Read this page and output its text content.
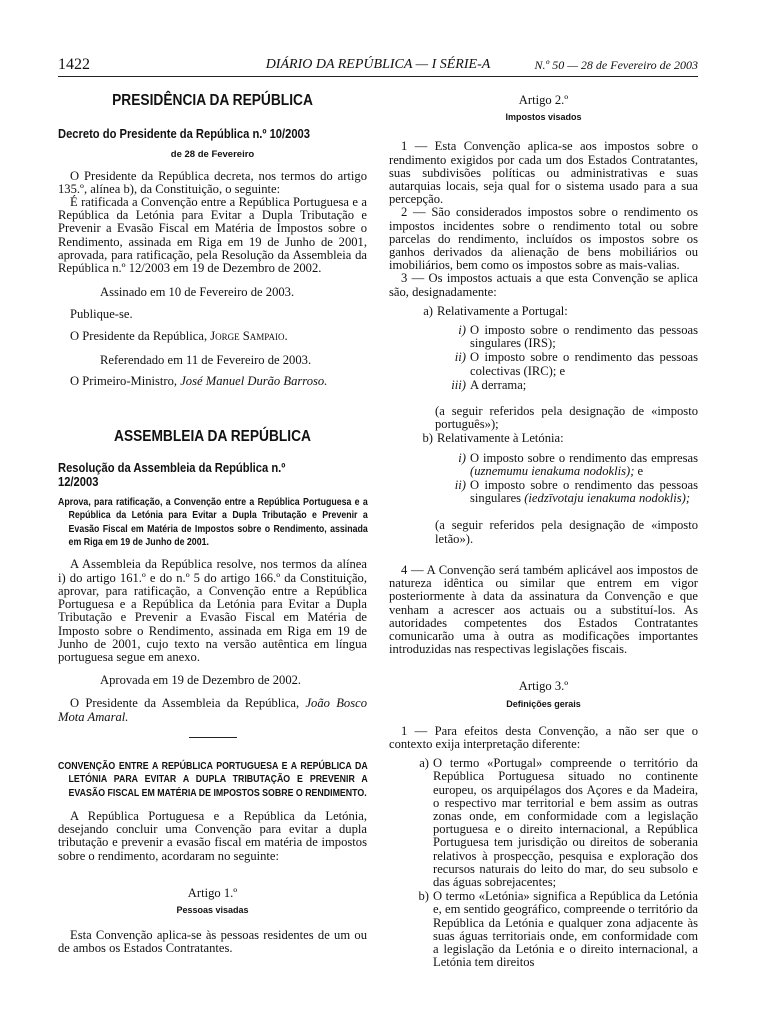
1422	DIÁRIO DA REPÚBLICA — I SÉRIE-A	N.º 50 — 28 de Fevereiro de 2003
PRESIDÊNCIA DA REPÚBLICA
Decreto do Presidente da República n.º 10/2003
de 28 de Fevereiro

O Presidente da República decreta, nos termos do artigo 135.º, alínea b), da Constituição, o seguinte:

É ratificada a Convenção entre a República Portuguesa e a República da Letónia para Evitar a Dupla Tributação e Prevenir a Evasão Fiscal em Matéria de Impostos sobre o Rendimento, assinada em Riga em 19 de Junho de 2001, aprovada, para ratificação, pela Resolução da Assembleia da República n.º 12/2003 em 19 de Dezembro de 2002.

Assinado em 10 de Fevereiro de 2003.

Publique-se.

O Presidente da República, Jorge Sampaio.

Referendado em 11 de Fevereiro de 2003.

O Primeiro-Ministro, José Manuel Durão Barroso.

ASSEMBLEIA DA REPÚBLICA
Resolução da Assembleia da República n.º 12/2003
Aprova, para ratificação, a Convenção entre a República Portuguesa e a República da Letónia para Evitar a Dupla Tributação e Prevenir a Evasão Fiscal em Matéria de Impostos sobre o Rendimento, assinada em Riga em 19 de Junho de 2001.

A Assembleia da República resolve, nos termos da alínea i) do artigo 161.º e do n.º 5 do artigo 166.º da Constituição, aprovar, para ratificação, a Convenção entre a República Portuguesa e a República da Letónia para Evitar a Dupla Tributação e Prevenir a Evasão Fiscal em Matéria de Imposto sobre o Rendimento, assinada em Riga em 19 de Junho de 2001, cujo texto na versão autêntica em língua portuguesa segue em anexo.

Aprovada em 19 de Dezembro de 2002.

O Presidente da Assembleia da República, João Bosco Mota Amaral.

CONVENÇÃO ENTRE A REPÚBLICA PORTUGUESA E A REPÚBLICA DA LETÓNIA PARA EVITAR A DUPLA TRIBUTAÇÃO E PREVENIR A EVASÃO FISCAL EM MATÉRIA DE IMPOSTOS SOBRE O RENDIMENTO.

A República Portuguesa e a República da Letónia, desejando concluir uma Convenção para evitar a dupla tributação e prevenir a evasão fiscal em matéria de impostos sobre o rendimento, acordaram no seguinte:

Artigo 1.º
Pessoas visadas

Esta Convenção aplica-se às pessoas residentes de um ou de ambos os Estados Contratantes.

Artigo 2.º
Impostos visados

1 — Esta Convenção aplica-se aos impostos sobre o rendimento exigidos por cada um dos Estados Contratantes, suas subdivisões políticas ou administrativas e suas autarquias locais, seja qual for o sistema usado para a sua percepção.

2 — São considerados impostos sobre o rendimento os impostos incidentes sobre o rendimento total ou sobre parcelas do rendimento, incluídos os impostos sobre os ganhos derivados da alienação de bens mobiliários ou imobiliários, bem como os impostos sobre as mais-valias.

3 — Os impostos actuais a que esta Convenção se aplica são, designadamente:

a) Relativamente a Portugal:
i) O imposto sobre o rendimento das pessoas singulares (IRS);
ii) O imposto sobre o rendimento das pessoas colectivas (IRC); e
iii) A derrama;

(a seguir referidos pela designação de «imposto português»);

b) Relativamente à Letónia:
i) O imposto sobre o rendimento das empresas (uznemumu ienakuma nodoklis); e
ii) O imposto sobre o rendimento das pessoas singulares (iedzīvotaju ienakuma nodoklis);

(a seguir referidos pela designação de «imposto letão»).

4 — A Convenção será também aplicável aos impostos de natureza idêntica ou similar que entrem em vigor posteriormente à data da assinatura da Convenção e que venham a acrescer aos actuais ou a substituí-los. As autoridades competentes dos Estados Contratantes comunicarão uma à outra as modificações importantes introduzidas nas respectivas legislações fiscais.

Artigo 3.º
Definições gerais

1 — Para efeitos desta Convenção, a não ser que o contexto exija interpretação diferente:

a) O termo «Portugal» compreende o território da República Portuguesa situado no continente europeu, os arquipélagos dos Açores e da Madeira, o respectivo mar territorial e bem assim as outras zonas onde, em conformidade com a legislação portuguesa e o direito internacional, a República Portuguesa tem jurisdição ou direitos de soberania relativos à prospecção, pesquisa e exploração dos recursos naturais do leito do mar, do seu subsolo e das águas sobrejacentes;
b) O termo «Letónia» significa a República da Letónia e, em sentido geográfico, compreende o território da República da Letónia e qualquer zona adjacente às suas águas territoriais onde, em conformidade com a legislação da Letónia e o direito internacional, a Letónia tem direitos
